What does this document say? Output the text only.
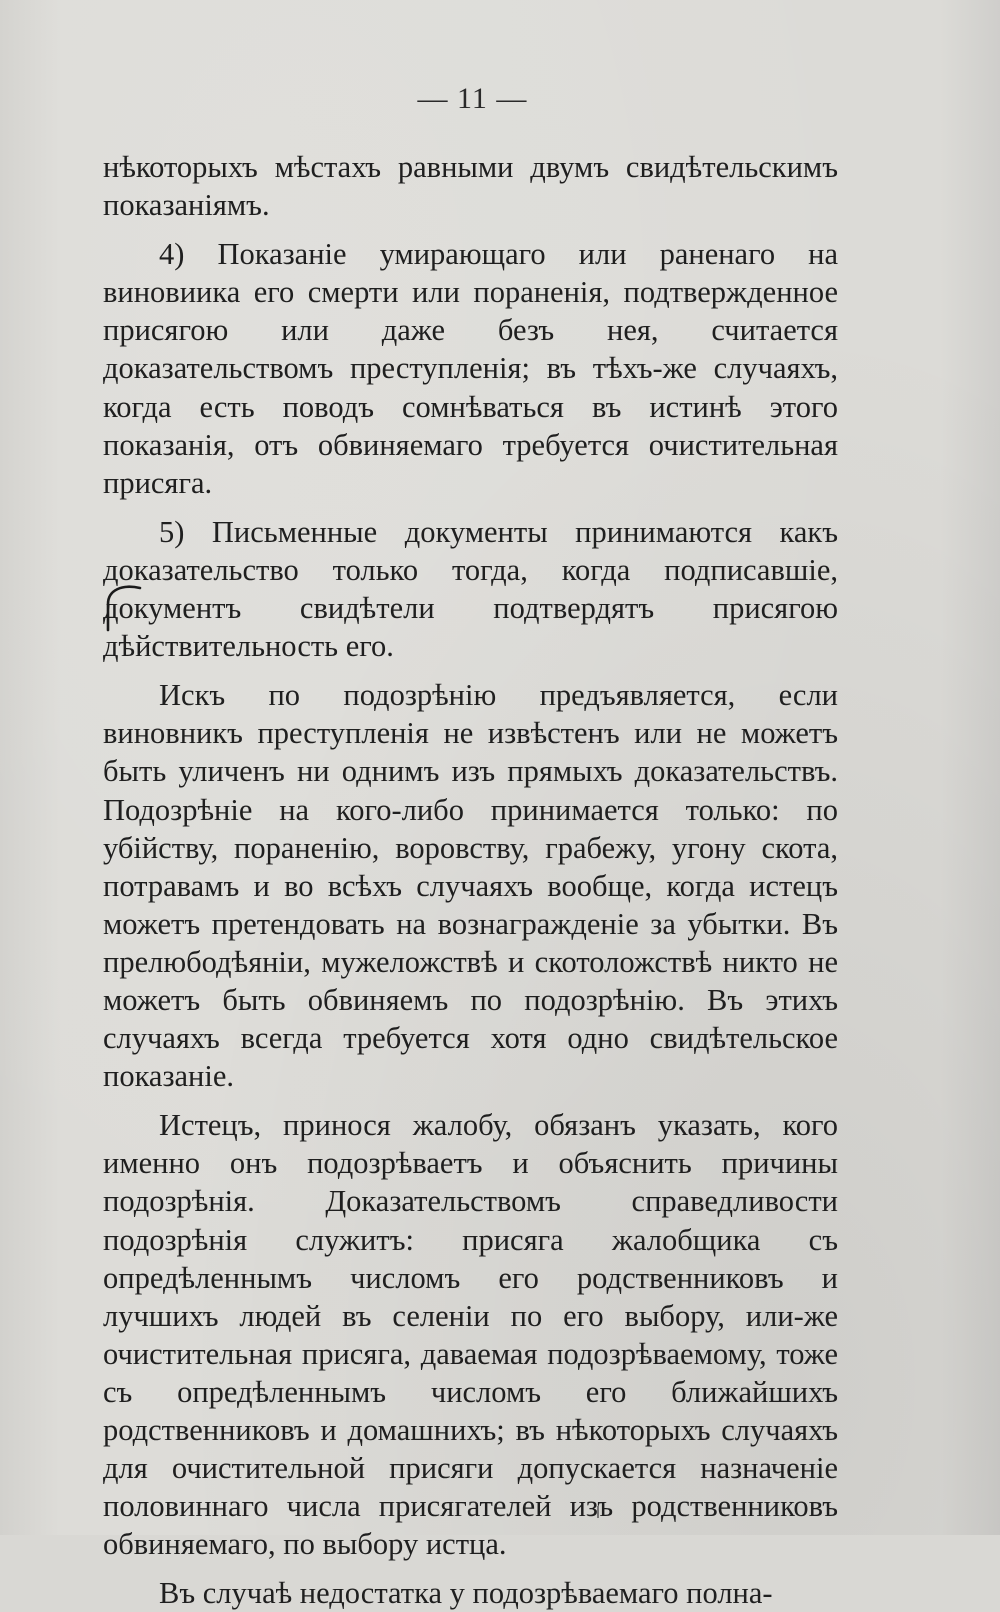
— 11 —

нѣкоторыхъ мѣстахъ равными двумъ свидѣтельскимъ показаніямъ.

4) Показаніе умирающаго или раненаго на виновиика его смерти или пораненія, подтвержденное присягою или даже безъ нея, считается доказательствомъ преступленія; въ тѣхъ-же случаяхъ, когда есть поводъ сомнѣваться въ истинѣ этого показанія, отъ обвиняемаго требуется очистительная присяга.

5) Письменные документы принимаются какъ доказательство только тогда, когда подписавшіе, документъ свидѣтели подтвердятъ присягою дѣйствительность его.

Искъ по подозрѣнію предъявляется, если виновникъ преступленія не извѣстенъ или не можетъ быть уличенъ ни однимъ изъ прямыхъ доказательствъ. Подозрѣніе на кого-либо принимается только: по убійству, пораненію, воровству, грабежу, угону скота, потравамъ и во всѣхъ случаяхъ вообще, когда истецъ можетъ претендовать на вознагражденіе за убытки. Въ прелюбодѣяніи, мужеложствѣ и скотоложствѣ никто не можетъ быть обвиняемъ по подозрѣнію. Въ этихъ случаяхъ всегда требуется хотя одно свидѣтельское показаніе.

Истецъ, принося жалобу, обязанъ указать, кого именно онъ подозрѣваетъ и объяснить причины подозрѣнія. Доказательствомъ справедливости подозрѣнія служитъ: присяга жалобщика съ опредѣленнымъ числомъ его родственниковъ и лучшихъ людей въ селеніи по его выбору, или-же очистительная присяга, даваемая подозрѣваемому, тоже съ опредѣленнымъ числомъ его ближайшихъ родственниковъ и домашнихъ; въ нѣкоторыхъ случаяхъ для очистительной присяги допускается назначеніе половиннаго числа присягателей изъ родственниковъ обвиняемаго, по выбору истца.

Въ случаѣ недостатка у подозрѣваемаго полна-
